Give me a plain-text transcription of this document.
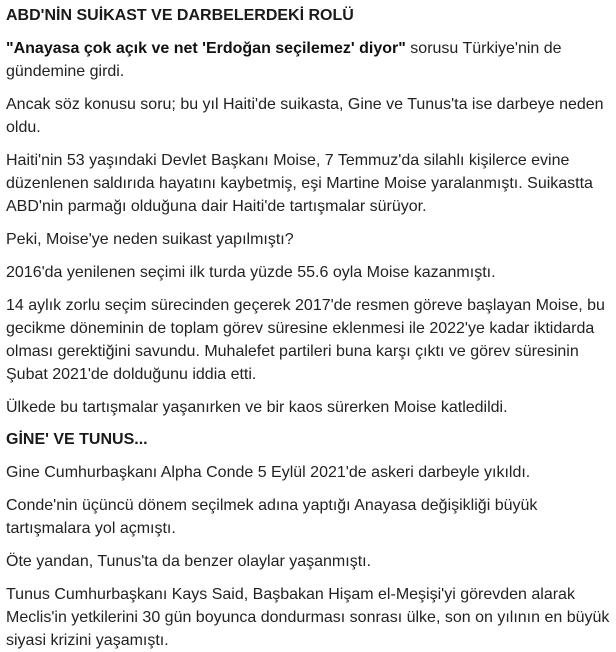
ABD'NİN SUİKAST VE DARBELERDEKİ ROLÜ

"Anayasa çok açık ve net 'Erdoğan seçilemez' diyor" sorusu Türkiye'nin de gündemine girdi.

Ancak söz konusu soru; bu yıl Haiti'de suikasta, Gine ve Tunus'ta ise darbeye neden oldu.

Haiti'nin 53 yaşındaki Devlet Başkanı Moise, 7 Temmuz'da silahlı kişilerce evine düzenlenen saldırıda hayatını kaybetmiş, eşi Martine Moise yaralanmıştı. Suikastta ABD'nin parmağı olduğuna dair Haiti'de tartışmalar sürüyor.

Peki, Moise'ye neden suikast yapılmıştı?

2016'da yenilenen seçimi ilk turda yüzde 55.6 oyla Moise kazanmıştı.

14 aylık zorlu seçim sürecinden geçerek 2017'de resmen göreve başlayan Moise, bu gecikme döneminin de toplam görev süresine eklenmesi ile 2022'ye kadar iktidarda olması gerektiğini savundu. Muhalefet partileri buna karşı çıktı ve görev süresinin Şubat 2021'de dolduğunu iddia etti.

Ülkede bu tartışmalar yaşanırken ve bir kaos sürerken Moise katledildi.

GİNE' VE TUNUS...

Gine Cumhurbaşkanı Alpha Conde 5 Eylül 2021'de askeri darbeyle yıkıldı.

Conde'nin üçüncü dönem seçilmek adına yaptığı Anayasa değişikliği büyük tartışmalara yol açmıştı.

Öte yandan, Tunus'ta da benzer olaylar yaşanmıştı.

Tunus Cumhurbaşkanı Kays Said, Başbakan Hişam el-Meşişi'yi görevden alarak Meclis'in yetkilerini 30 gün boyunca dondurması sonrası ülke, son on yılının en büyük siyasi krizini yaşamıştı.
